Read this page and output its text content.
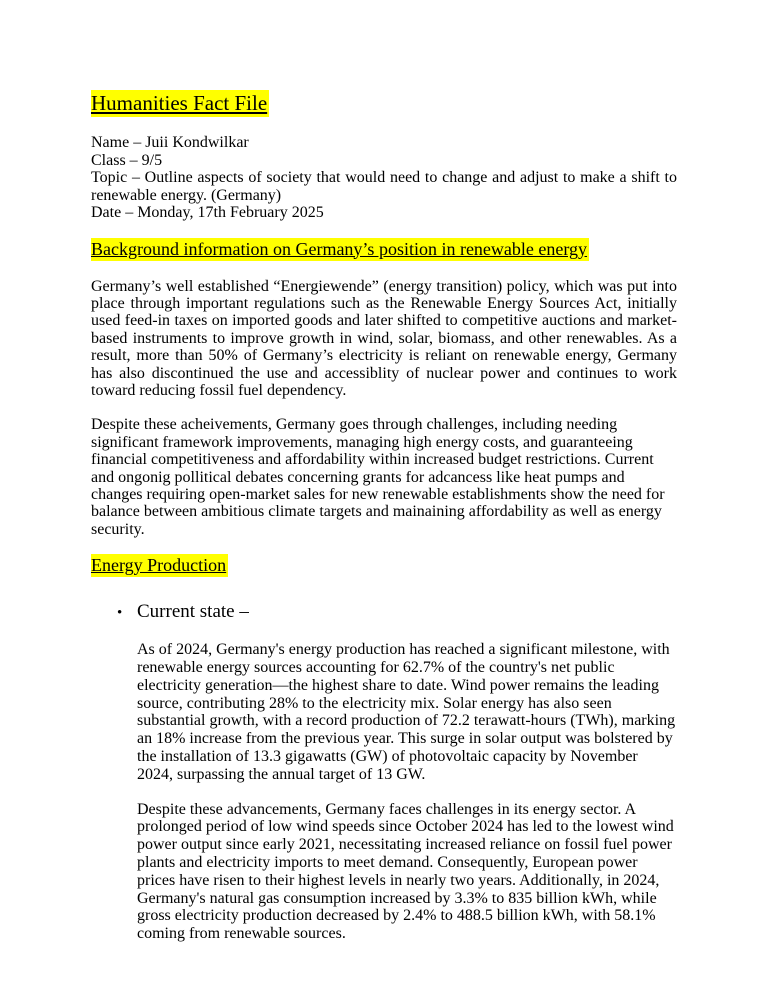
Humanities Fact File

Name – Juii Kondwilkar

Class – 9/5

Topic – Outline aspects of society that would need to change and adjust to make a shift to renewable energy. (Germany)

Date – Monday, 17th February 2025

Background information on Germany’s position in renewable energy

Germany’s well established “Energiewende” (energy transition) policy, which was put into place through important regulations such as the Renewable Energy Sources Act, initially used feed-in taxes on imported goods and later shifted to competitive auctions and market-based instruments to improve growth in wind, solar, biomass, and other renewables. As a result, more than 50% of Germany’s electricity is reliant on renewable energy, Germany has also discontinued the use and accessiblity of nuclear power and continues to work toward reducing fossil fuel dependency.

Despite these acheivements, Germany goes through challenges, including needing significant framework improvements, managing high energy costs, and guaranteeing financial competitiveness and affordability within increased budget restrictions. Current and ongonig pollitical debates concerning grants for adcancess like heat pumps and changes requiring open-market sales for new renewable establishments show the need for balance between ambitious climate targets and mainaining affordability as well as energy security.

Energy Production
• Current state –

As of 2024, Germany's energy production has reached a significant milestone, with renewable energy sources accounting for 62.7% of the country's net public electricity generation—the highest share to date. Wind power remains the leading source, contributing 28% to the electricity mix. Solar energy has also seen substantial growth, with a record production of 72.2 terawatt-hours (TWh), marking an 18% increase from the previous year. This surge in solar output was bolstered by the installation of 13.3 gigawatts (GW) of photovoltaic capacity by November 2024, surpassing the annual target of 13 GW.

Despite these advancements, Germany faces challenges in its energy sector. A prolonged period of low wind speeds since October 2024 has led to the lowest wind power output since early 2021, necessitating increased reliance on fossil fuel power plants and electricity imports to meet demand. Consequently, European power prices have risen to their highest levels in nearly two years. Additionally, in 2024, Germany's natural gas consumption increased by 3.3% to 835 billion kWh, while gross electricity production decreased by 2.4% to 488.5 billion kWh, with 58.1% coming from renewable sources.
